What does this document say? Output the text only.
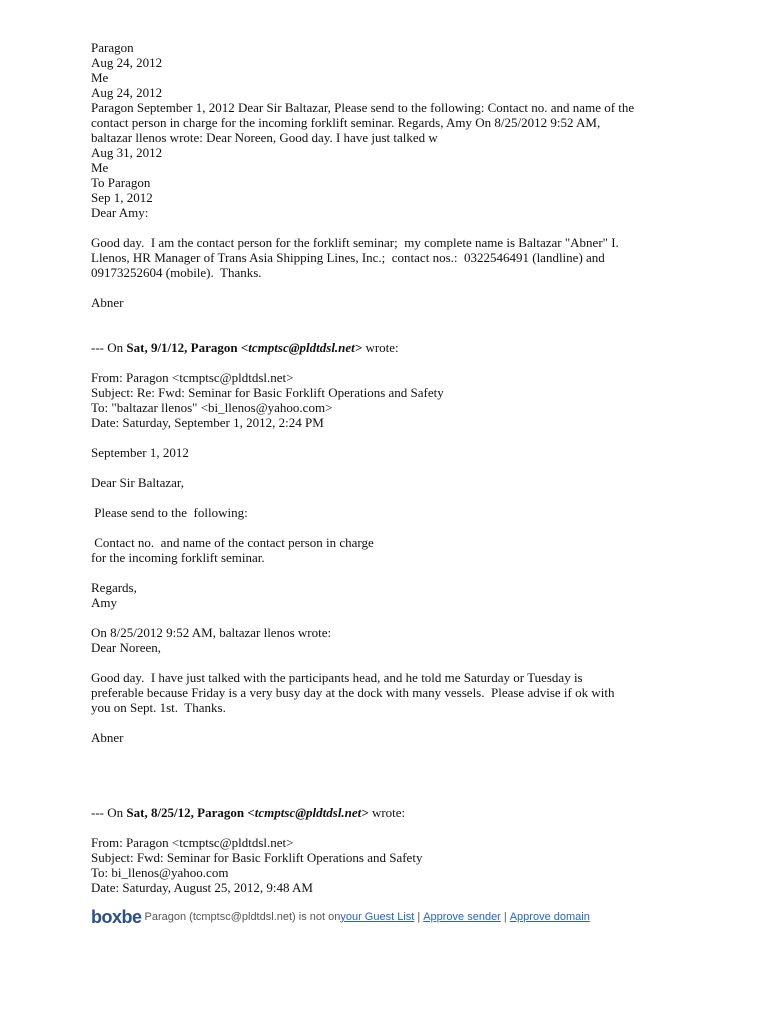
Paragon
Aug 24, 2012
Me
Aug 24, 2012
Paragon September 1, 2012 Dear Sir Baltazar, Please send to the following: Contact no. and name of the
contact person in charge for the incoming forklift seminar. Regards, Amy On 8/25/2012 9:52 AM,
baltazar llenos wrote: Dear Noreen, Good day. I have just talked w
Aug 31, 2012
Me
To Paragon
Sep 1, 2012
Dear Amy:
Good day.  I am the contact person for the forklift seminar;  my complete name is Baltazar "Abner" I.
Llenos, HR Manager of Trans Asia Shipping Lines, Inc.;  contact nos.:  0322546491 (landline) and
09173252604 (mobile).  Thanks.
Abner
--- On Sat, 9/1/12, Paragon <tcmptsc@pldtdsl.net> wrote:
From: Paragon <tcmptsc@pldtdsl.net>
Subject: Re: Fwd: Seminar for Basic Forklift Operations and Safety
To: "baltazar llenos" <bi_llenos@yahoo.com>
Date: Saturday, September 1, 2012, 2:24 PM
September 1, 2012
Dear Sir Baltazar,
Please send to the  following:
Contact no.  and name of the contact person in charge
for the incoming forklift seminar.
Regards,
Amy
On 8/25/2012 9:52 AM, baltazar llenos wrote:
Dear Noreen,
Good day.  I have just talked with the participants head, and he told me Saturday or Tuesday is
preferable because Friday is a very busy day at the dock with many vessels.  Please advise if ok with
you on Sept. 1st.  Thanks.
Abner
--- On Sat, 8/25/12, Paragon <tcmptsc@pldtdsl.net> wrote:
From: Paragon <tcmptsc@pldtdsl.net>
Subject: Fwd: Seminar for Basic Forklift Operations and Safety
To: bi_llenos@yahoo.com
Date: Saturday, August 25, 2012, 9:48 AM
boxbe Paragon (tcmptsc@pldtdsl.net) is not on your Guest List | Approve sender | Approve domain
